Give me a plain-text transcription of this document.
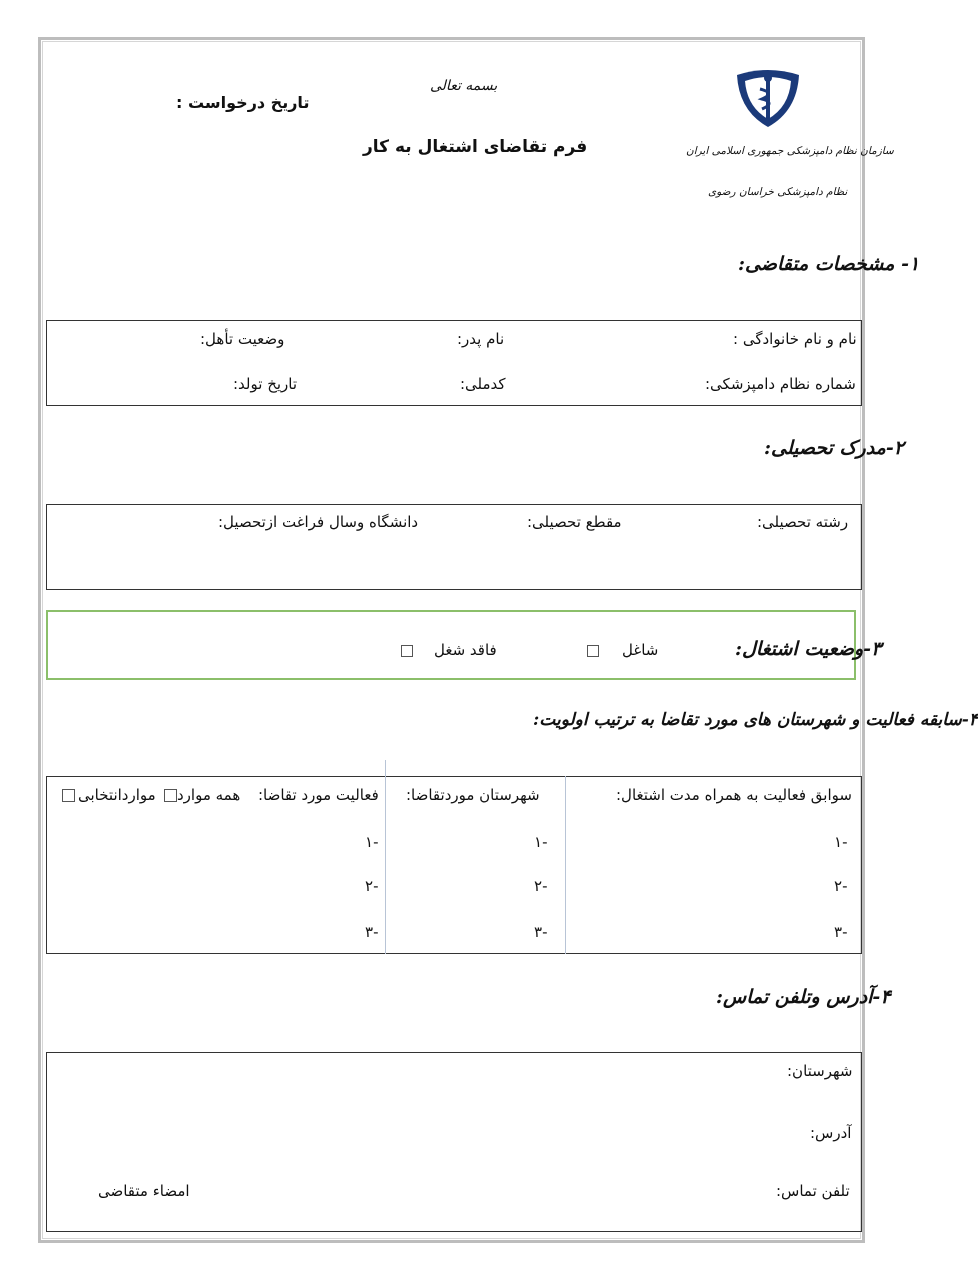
بسمه تعالی
تاریخ درخواست :
فرم تقاضای اشتغال به کار	سازمان نظام دامپزشکی جمهوری اسلامی ایران
نظام دامپزشکی خراسان رضوی
۱- مشخصات متقاضی:
نام و نام خانوادگی :
نام پدر:
وضعیت تأهل:
شماره نظام دامپزشکی:
کدملی:
تاریخ تولد:
۲-مدرک تحصیلی:
رشته تحصیلی:
مقطع تحصیلی:
دانشگاه وسال فراغت ازتحصیل:
۳-وضعیت اشتغال:
شاغل
فاقد شغل
۴-سابقه فعالیت و شهرستان های مورد تقاضا به ترتیب اولویت:
سوابق فعالیت به همراه مدت اشتغال:
شهرستان موردتقاضا:
فعالیت مورد تقاضا:
همه موارد
مواردانتخابی
-۱
-۲
-۳
-۱
-۲
-۳
-۱
-۲
-۳
۴-آدرس وتلفن تماس:
شهرستان:
آدرس:
تلفن تماس:
امضاء متقاضی
